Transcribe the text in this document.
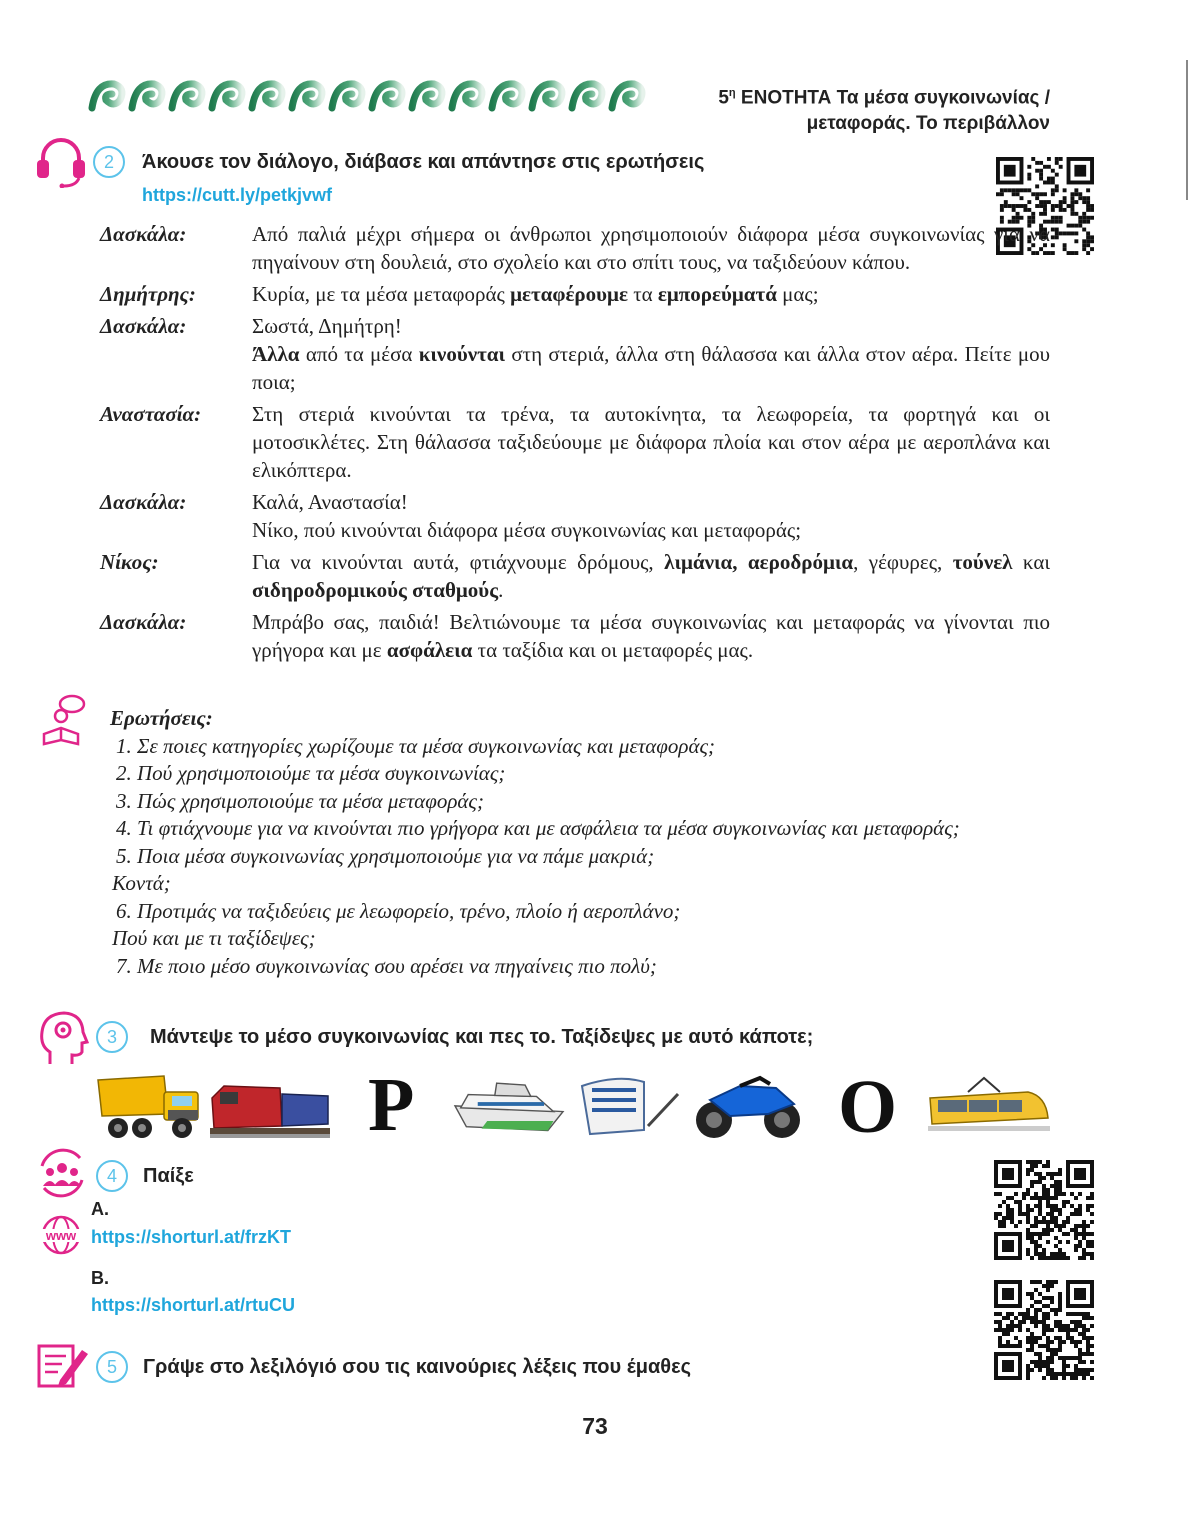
$5^\eta$ ΕΝΟΤΗΤΑ Τα μέσα συγκοινωνίας /
μεταφοράς. Το περιβάλλον
2	Άκουσε τον διάλογο, διάβασε και απάντησε στις ερωτήσεις
https://cutt.ly/petkjvwf
Δασκάλα:	Από παλιά μέχρι σήμερα οι άνθρωποι χρησιμοποιούν διάφορα μέσα συγκοινωνίας για να πηγαίνουν στη δουλειά, στο σχολείο και στο σπίτι τους, να ταξιδεύουν κάπου.
Δημήτρης:	Κυρία, με τα μέσα μεταφοράς μεταφέρουμε τα εμπορεύματά μας;
Δασκάλα:	Σωστά, Δημήτρη!
Άλλα από τα μέσα κινούνται στη στεριά, άλλα στη θάλασσα και άλλα στον αέρα. Πείτε μου ποια;
Αναστασία:	Στη στεριά κινούνται τα τρένα, τα αυτοκίνητα, τα λεωφορεία, τα φορτηγά και οι μοτοσικλέτες. Στη θάλασσα ταξιδεύουμε με διάφορα πλοία και στον αέρα με αεροπλάνα και ελικόπτερα.
Δασκάλα:	Καλά, Αναστασία!
Νίκο, πού κινούνται διάφορα μέσα συγκοινωνίας και μεταφοράς;
Νίκος:	Για να κινούνται αυτά, φτιάχνουμε δρόμους, λιμάνια, αεροδρόμια, γέφυρες, τούνελ και σιδηροδρομικούς σταθμούς.
Δασκάλα:	Μπράβο σας, παιδιά! Βελτιώνουμε τα μέσα συγκοινωνίας και μεταφοράς να γίνονται πιο γρήγορα και με ασφάλεια τα ταξίδια και οι μεταφορές μας.
Ερωτήσεις:
1. Σε ποιες κατηγορίες χωρίζουμε τα μέσα συγκοινωνίας και μεταφοράς;
2. Πού χρησιμοποιούμε τα μέσα συγκοινωνίας;
3. Πώς χρησιμοποιούμε τα μέσα μεταφοράς;
4. Τι φτιάχνουμε για να κινούνται πιο γρήγορα και με ασφάλεια τα μέσα συγκοινωνίας και μεταφοράς;
5. Ποια μέσα συγκοινωνίας χρησιμοποιούμε για να πάμε μακριά;
Κοντά;
6. Προτιμάς να ταξιδεύεις με λεωφορείο, τρένο, πλοίο ή αεροπλάνο;
Πού και με τι ταξίδεψες;
7. Με ποιο μέσο συγκοινωνίας σου αρέσει να πηγαίνεις πιο πολύ;
3	Μάντεψε το μέσο συγκοινωνίας και πες το. Ταξίδεψες με αυτό κάποτε;
P	O
4	Παίξε
A.
www https://shorturl.at/frzKT
B.
https://shorturl.at/rtuCU
5	Γράψε στο λεξιλόγιό σου τις καινούριες λέξεις που έμαθες
73
